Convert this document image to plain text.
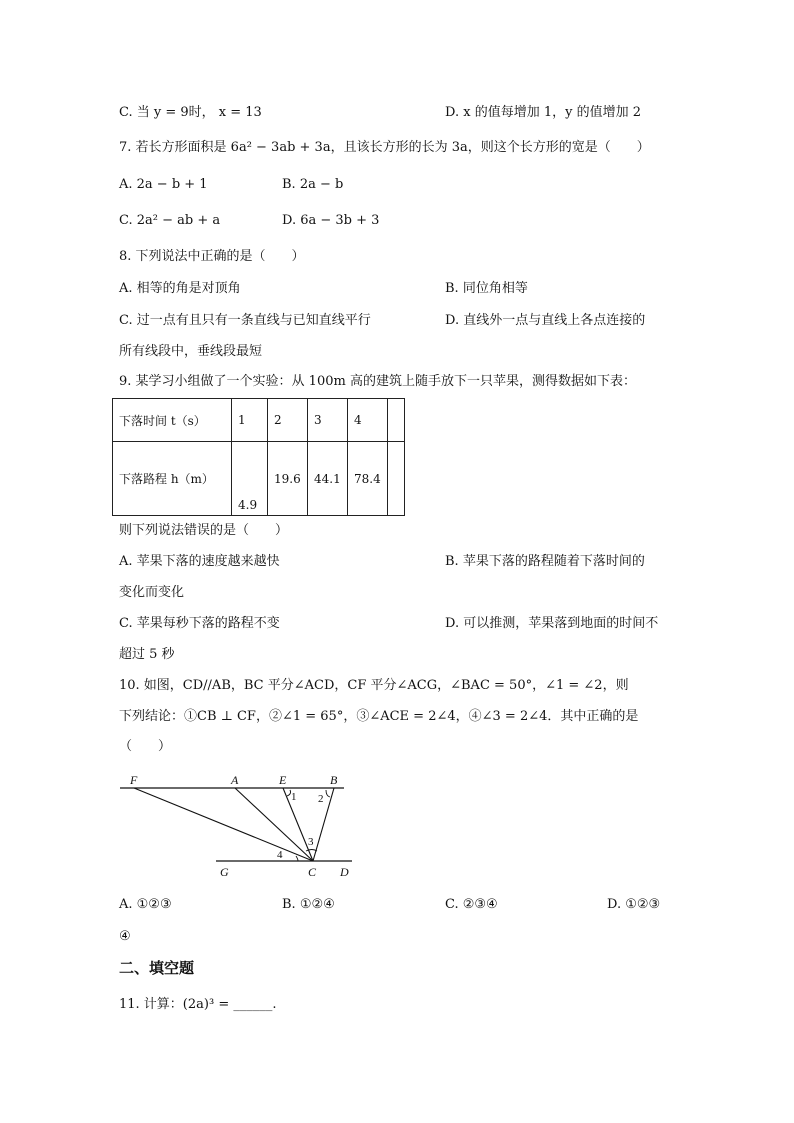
C. 当 y = 9时， x = 13	D. x 的值每增加 1，y 的值增加 2
7. 若长方形面积是 6a² − 3ab + 3a，且该长方形的长为 3a，则这个长方形的宽是（　　）
A. 2a − b + 1	B. 2a − b
C. 2a² − ab + a	D. 6a − 3b + 3
8. 下列说法中正确的是（　　）
A. 相等的角是对顶角	B. 同位角相等
C. 过一点有且只有一条直线与已知直线平行	D. 直线外一点与直线上各点连接的
所有线段中，垂线段最短
9. 某学习小组做了一个实验：从 100m 高的建筑上随手放下一只苹果，测得数据如下表：
下落时间 t（s）	1	2	3	4	
下落路程 h（m）	4.9	19.6	44.1	78.4	
则下列说法错误的是（　　）
A. 苹果下落的速度越来越快	B. 苹果下落的路程随着下落时间的
变化而变化
C. 苹果每秒下落的路程不变	D. 可以推测，苹果落到地面的时间不
超过 5 秒
10. 如图，CD//AB，BC 平分∠ACD，CF 平分∠ACG，∠BAC = 50°，∠1 = ∠2，则
下列结论：①CB ⊥ CF，②∠1 = 65°，③∠ACE = 2∠4，④∠3 = 2∠4．其中正确的是
（　　）
F	A	E	B
G	C D
1 2
3
4
A. ①②③	B. ①②④	C. ②③④	D. ①②③
④
二、填空题
11. 计算：(2a)³ = ______.
